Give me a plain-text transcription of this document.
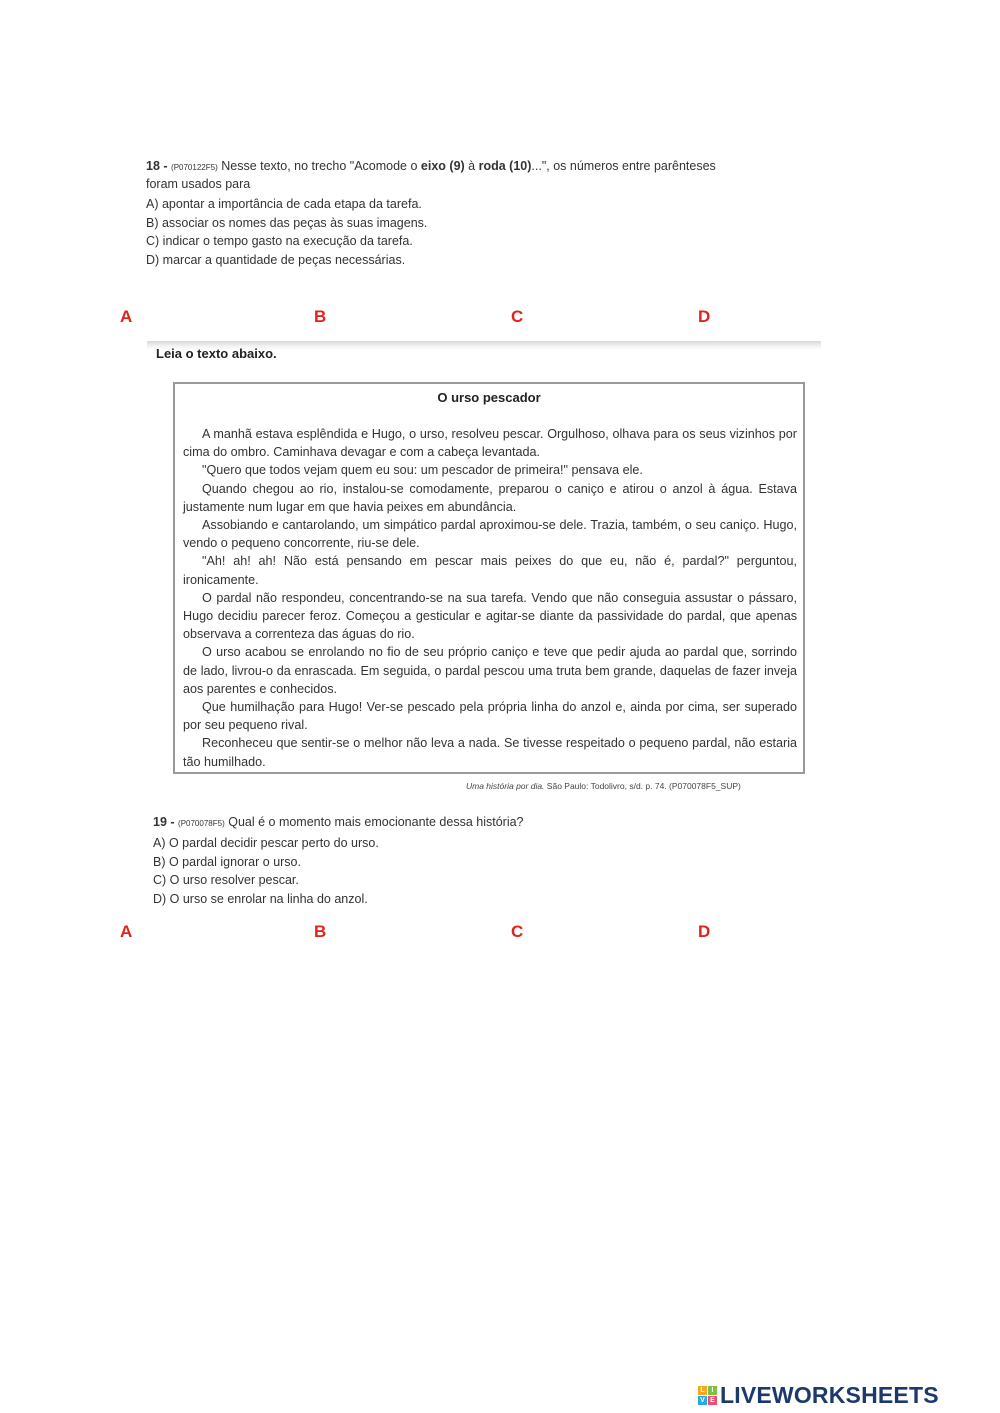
18 - (P070122F5) Nesse texto, no trecho "Acomode o eixo (9) à roda (10)...", os números entre parênteses
foram usados para

A) apontar a importância de cada etapa da tarefa.

B) associar os nomes das peças às suas imagens.

C) indicar o tempo gasto na execução da tarefa.

D) marcar a quantidade de peças necessárias.

A	B	C	D
Leia o texto abaixo.
O urso pescador

A manhã estava esplêndida e Hugo, o urso, resolveu pescar. Orgulhoso, olhava para os seus vizinhos por cima do ombro. Caminhava devagar e com a cabeça levantada.

"Quero que todos vejam quem eu sou: um pescador de primeira!" pensava ele.

Quando chegou ao rio, instalou-se comodamente, preparou o caniço e atirou o anzol à água. Estava justamente num lugar em que havia peixes em abundância.

Assobiando e cantarolando, um simpático pardal aproximou-se dele. Trazia, também, o seu caniço. Hugo, vendo o pequeno concorrente, riu-se dele.

"Ah! ah! ah! Não está pensando em pescar mais peixes do que eu, não é, pardal?" perguntou, ironicamente.

O pardal não respondeu, concentrando-se na sua tarefa. Vendo que não conseguia assustar o pássaro, Hugo decidiu parecer feroz. Começou a gesticular e agitar-se diante da passividade do pardal, que apenas observava a correnteza das águas do rio.

O urso acabou se enrolando no fio de seu próprio caniço e teve que pedir ajuda ao pardal que, sorrindo de lado, livrou-o da enrascada. Em seguida, o pardal pescou uma truta bem grande, daquelas de fazer inveja aos parentes e conhecidos.

Que humilhação para Hugo! Ver-se pescado pela própria linha do anzol e, ainda por cima, ser superado por seu pequeno rival.

Reconheceu que sentir-se o melhor não leva a nada. Se tivesse respeitado o pequeno pardal, não estaria tão humilhado.

Uma história por dia. São Paulo: Todolivro, s/d. p. 74. (P070078F5_SUP)
19 - (P070078F5) Qual é o momento mais emocionante dessa história?

A) O pardal decidir pescar perto do urso.

B) O pardal ignorar o urso.

C) O urso resolver pescar.

D) O urso se enrolar na linha do anzol.

A	B	C	D
L I
V E LIVEWORKSHEETS
